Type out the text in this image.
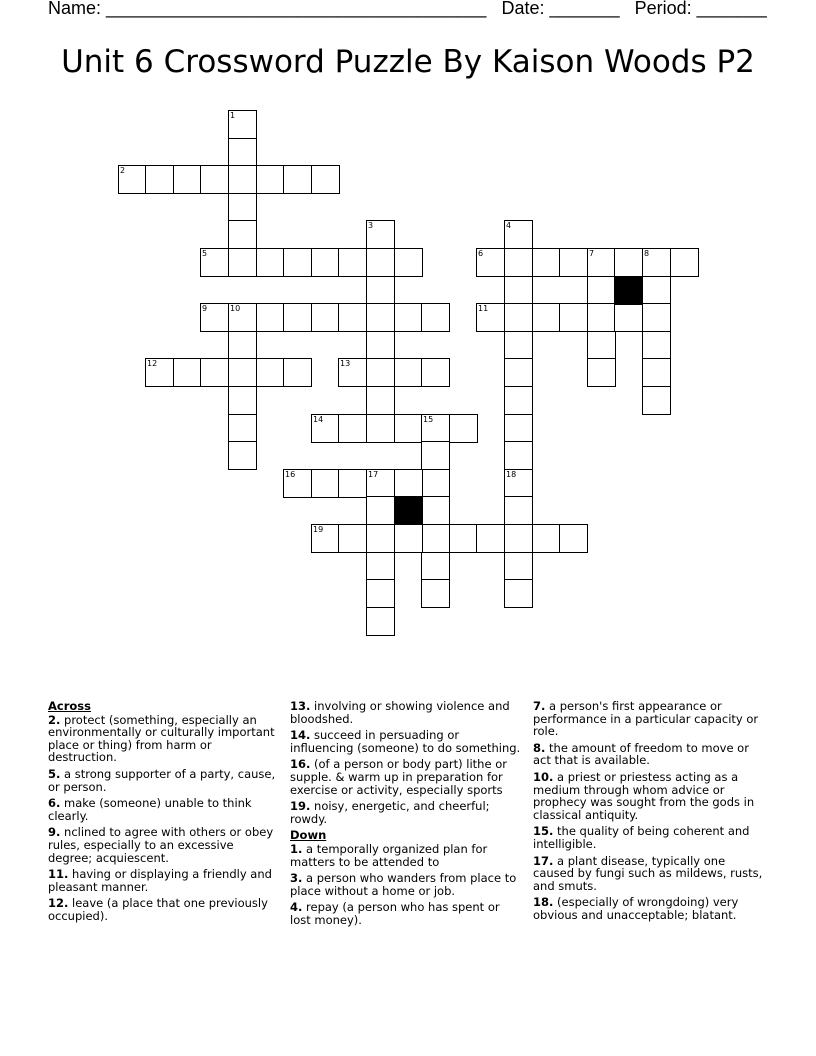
Name: ______________________________________ Date: _______ Period: _______
Unit 6 Crossword Puzzle By Kaison Woods P2
1
2
3	4
5	6	7	8
9	10	11
12	13
14	15
16	17	18
19
Across
2. protect (something, especially an environmentally or culturally important place or thing) from harm or destruction.
5. a strong supporter of a party, cause, or person.
6. make (someone) unable to think clearly.
9. nclined to agree with others or obey rules, especially to an excessive degree; acquiescent.
11. having or displaying a friendly and pleasant manner.
12. leave (a place that one previously occupied).
13. involving or showing violence and bloodshed.
14. succeed in persuading or influencing (someone) to do something.
16. (of a person or body part) lithe or supple. & warm up in preparation for exercise or activity, especially sports
19. noisy, energetic, and cheerful; rowdy.
Down
1. a temporally organized plan for matters to be attended to
3. a person who wanders from place to place without a home or job.
4. repay (a person who has spent or lost money).
7. a person's first appearance or performance in a particular capacity or role.
8. the amount of freedom to move or act that is available.
10. a priest or priestess acting as a medium through whom advice or prophecy was sought from the gods in classical antiquity.
15. the quality of being coherent and intelligible.
17. a plant disease, typically one caused by fungi such as mildews, rusts, and smuts.
18. (especially of wrongdoing) very obvious and unacceptable; blatant.
